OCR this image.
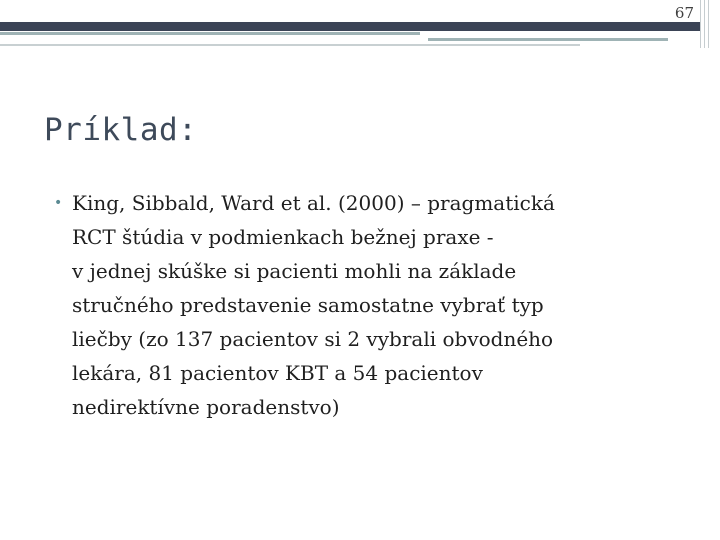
67
Príklad:
• King, Sibbald, Ward et al. (2000) – pragmatická
RCT štúdia v podmienkach bežnej praxe -
v jednej skúške si pacienti mohli na základe
stručného predstavenie samostatne vybrať typ
liečby (zo 137 pacientov si 2 vybrali obvodného
lekára, 81 pacientov KBT a 54 pacientov
nedirektívne poradenstvo)
